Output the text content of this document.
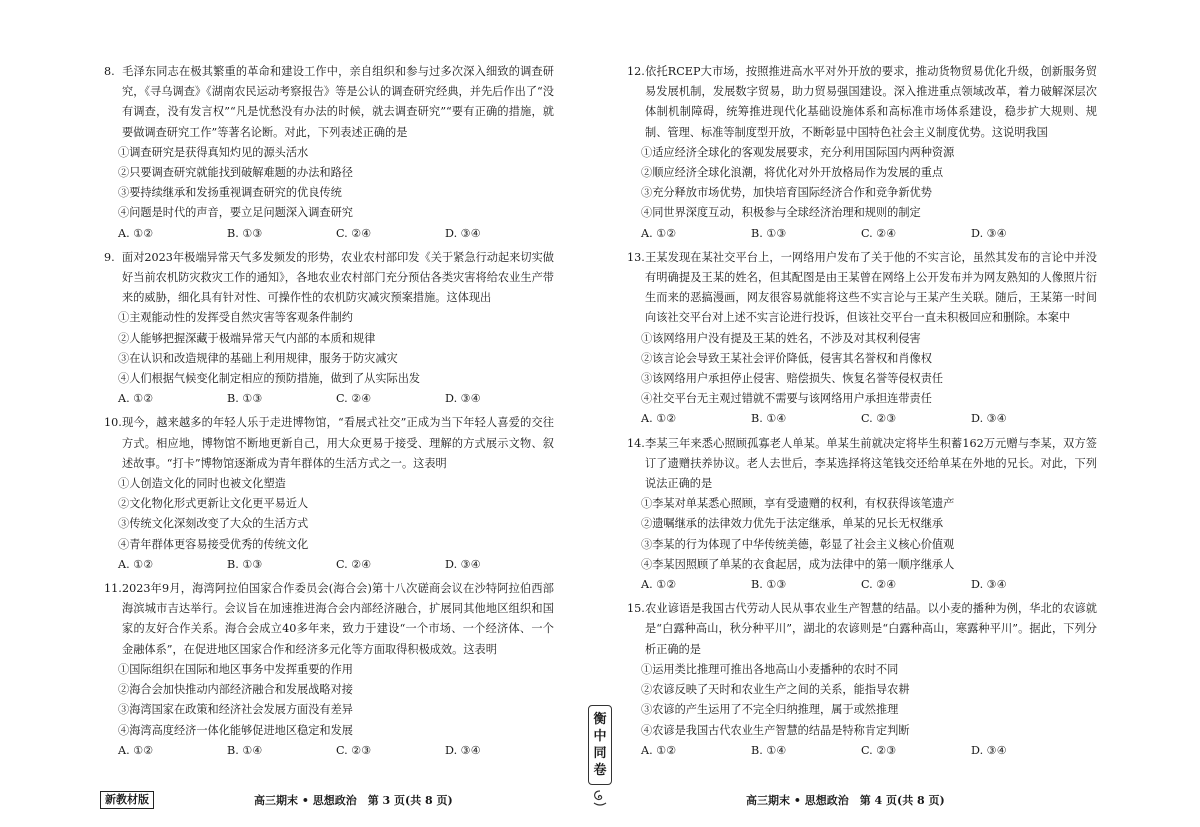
8. 毛泽东同志在极其繁重的革命和建设工作中，亲自组织和参与过多次深入细致的调查研究，《寻乌调查》《湖南农民运动考察报告》等是公认的调查研究经典，并先后作出了“没有调查，没有发言权”“凡是忧愁没有办法的时候，就去调查研究”“要有正确的措施，就要做调查研究工作”等著名论断。对此，下列表述正确的是
①调查研究是获得真知灼见的源头活水
②只要调查研究就能找到破解难题的办法和路径
③要持续继承和发扬重视调查研究的优良传统
④问题是时代的声音，要立足问题深入调查研究
A. ①②	B. ①③	C. ②④	D. ③④
9. 面对2023年极端异常天气多发频发的形势，农业农村部印发《关于紧急行动起来切实做好当前农机防灾救灾工作的通知》，各地农业农村部门充分预估各类灾害将给农业生产带来的威胁，细化具有针对性、可操作性的农机防灾减灾预案措施。这体现出
①主观能动性的发挥受自然灾害等客观条件制约
②人能够把握深藏于极端异常天气内部的本质和规律
③在认识和改造规律的基础上利用规律，服务于防灾减灾
④人们根据气候变化制定相应的预防措施，做到了从实际出发
A. ①②	B. ①③	C. ②④	D. ③④
10.现今，越来越多的年轻人乐于走进博物馆，“看展式社交”正成为当下年轻人喜爱的交往方式。相应地，博物馆不断地更新自己，用大众更易于接受、理解的方式展示文物、叙述故事。“打卡”博物馆逐渐成为青年群体的生活方式之一。这表明
①人创造文化的同时也被文化塑造
②文化物化形式更新让文化更平易近人
③传统文化深刻改变了大众的生活方式
④青年群体更容易接受优秀的传统文化
A. ①②	B. ①③	C. ②④	D. ③④
11.2023年9月，海湾阿拉伯国家合作委员会(海合会)第十八次磋商会议在沙特阿拉伯西部海滨城市吉达举行。会议旨在加速推进海合会内部经济融合，扩展同其他地区组织和国家的友好合作关系。海合会成立40多年来，致力于建设“一个市场、一个经济体、一个金融体系”，在促进地区国家合作和经济多元化等方面取得积极成效。这表明
①国际组织在国际和地区事务中发挥重要的作用
②海合会加快推动内部经济融合和发展战略对接
③海湾国家在政策和经济社会发展方面没有差异
④海湾高度经济一体化能够促进地区稳定和发展
A. ①②	B. ①④	C. ②③	D. ③④
12.依托RCEP大市场，按照推进高水平对外开放的要求，推动货物贸易优化升级，创新服务贸易发展机制，发展数字贸易，助力贸易强国建设。深入推进重点领域改革，着力破解深层次体制机制障碍，统筹推进现代化基础设施体系和高标准市场体系建设，稳步扩大规则、规制、管理、标准等制度型开放，不断彰显中国特色社会主义制度优势。这说明我国
①适应经济全球化的客观发展要求，充分利用国际国内两种资源
②顺应经济全球化浪潮，将优化对外开放格局作为发展的重点
③充分释放市场优势，加快培育国际经济合作和竞争新优势
④同世界深度互动，积极参与全球经济治理和规则的制定
A. ①②	B. ①③	C. ②④	D. ③④
13.王某发现在某社交平台上，一网络用户发布了关于他的不实言论，虽然其发布的言论中并没有明确提及王某的姓名，但其配图是由王某曾在网络上公开发布并为网友熟知的人像照片衍生而来的恶搞漫画，网友很容易就能将这些不实言论与王某产生关联。随后，王某第一时间向该社交平台对上述不实言论进行投诉，但该社交平台一直未积极回应和删除。本案中
①该网络用户没有提及王某的姓名，不涉及对其权利侵害
②该言论会导致王某社会评价降低，侵害其名誉权和肖像权
③该网络用户承担停止侵害、赔偿损失、恢复名誉等侵权责任
④社交平台无主观过错就不需要与该网络用户承担连带责任
A. ①②	B. ①④	C. ②③	D. ③④
14.李某三年来悉心照顾孤寡老人单某。单某生前就决定将毕生积蓄162万元赠与李某，双方签订了遗赠扶养协议。老人去世后，李某选择将这笔钱交还给单某在外地的兄长。对此，下列说法正确的是
①李某对单某悉心照顾，享有受遗赠的权利，有权获得该笔遗产
②遗嘱继承的法律效力优先于法定继承，单某的兄长无权继承
③李某的行为体现了中华传统美德，彰显了社会主义核心价值观
④李某因照顾了单某的衣食起居，成为法律中的第一顺序继承人
A. ①②	B. ①③	C. ②④	D. ③④
15.农业谚语是我国古代劳动人民从事农业生产智慧的结晶。以小麦的播种为例，华北的农谚就是“白露种高山，秋分种平川”，湖北的农谚则是“白露种高山，寒露种平川”。据此，下列分析正确的是
①运用类比推理可推出各地高山小麦播种的农时不同
②农谚反映了天时和农业生产之间的关系，能指导农耕
③农谚的产生运用了不完全归纳推理，属于或然推理
④农谚是我国古代农业生产智慧的结晶是特称肯定判断
A. ①②	B. ①④	C. ②③	D. ③④
新教材版	高三期末 • 思想政治　第 3 页(共 8 页)	高三期末 • 思想政治　第 4 页(共 8 页)
衡
中
同
卷
